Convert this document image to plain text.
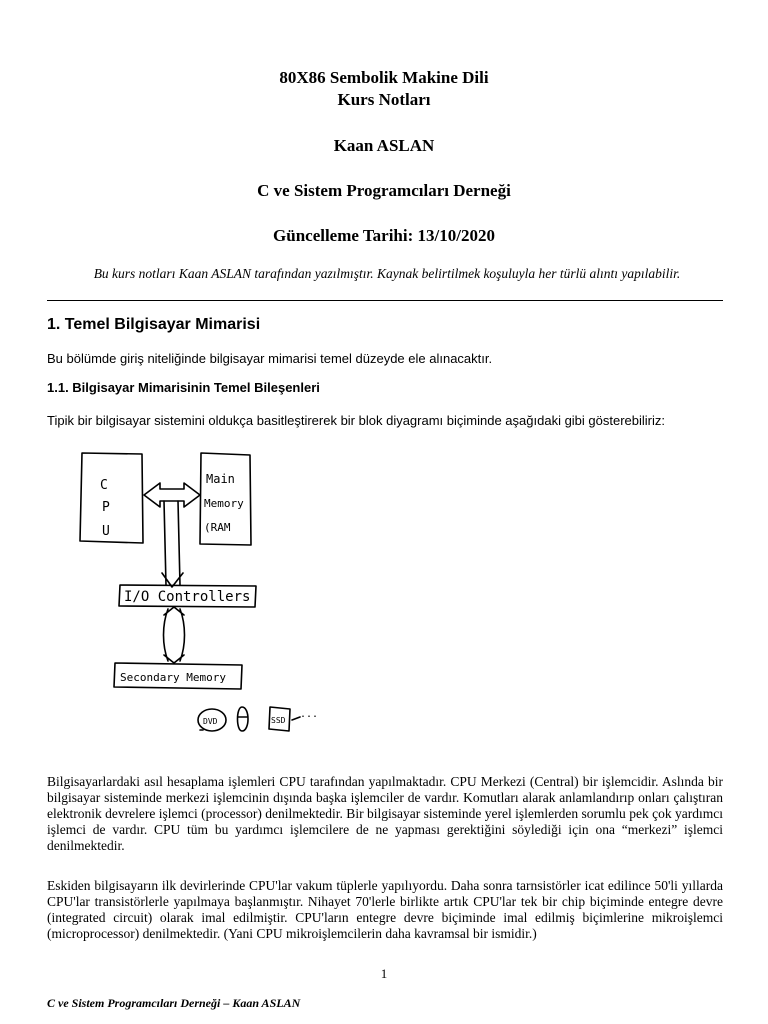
80X86 Sembolik Makine Dili
Kurs Notları
Kaan ASLAN
C ve Sistem Programcıları Derneği
Güncelleme Tarihi: 13/10/2020
Bu kurs notları Kaan ASLAN tarafından yazılmıştır. Kaynak belirtilmek koşuluyla her türlü alıntı yapılabilir.
1. Temel Bilgisayar Mimarisi
Bu bölümde giriş niteliğinde bilgisayar mimarisi temel düzeyde ele alınacaktır.
1.1. Bilgisayar Mimarisinin Temel Bileşenleri
Tipik bir bilgisayar sistemini oldukça basitleştirerek bir blok diyagramı biçiminde aşağıdaki gibi gösterebiliriz:
C
P
U
Main
Memory
(RAM
I/O Controllers
Secondary Memory
DVD	SSD
...
Bilgisayarlardaki asıl hesaplama işlemleri CPU tarafından yapılmaktadır. CPU Merkezi (Central) bir işlemcidir. Aslında bir bilgisayar sisteminde merkezi işlemcinin dışında başka işlemciler de vardır. Komutları alarak anlamlandırıp onları çalıştıran elektronik devrelere işlemci (processor) denilmektedir. Bir bilgisayar sisteminde yerel işlemlerden sorumlu pek çok yardımcı işlemci de vardır. CPU tüm bu yardımcı işlemcilere de ne yapması gerektiğini söylediği için ona “merkezi” işlemci denilmektedir.
Eskiden bilgisayarın ilk devirlerinde CPU'lar vakum tüplerle yapılıyordu. Daha sonra tarnsistörler icat edilince 50'li yıllarda CPU'lar transistörlerle yapılmaya başlanmıştır. Nihayet 70'lerle birlikte artık CPU'lar tek bir chip biçiminde entegre devre (integrated circuit) olarak imal edilmiştir. CPU'ların entegre devre biçiminde imal edilmiş biçimlerine mikroişlemci (microprocessor) denilmektedir. (Yani CPU mikroişlemcilerin daha kavramsal bir ismidir.)
1
C ve Sistem Programcıları Derneği – Kaan ASLAN
